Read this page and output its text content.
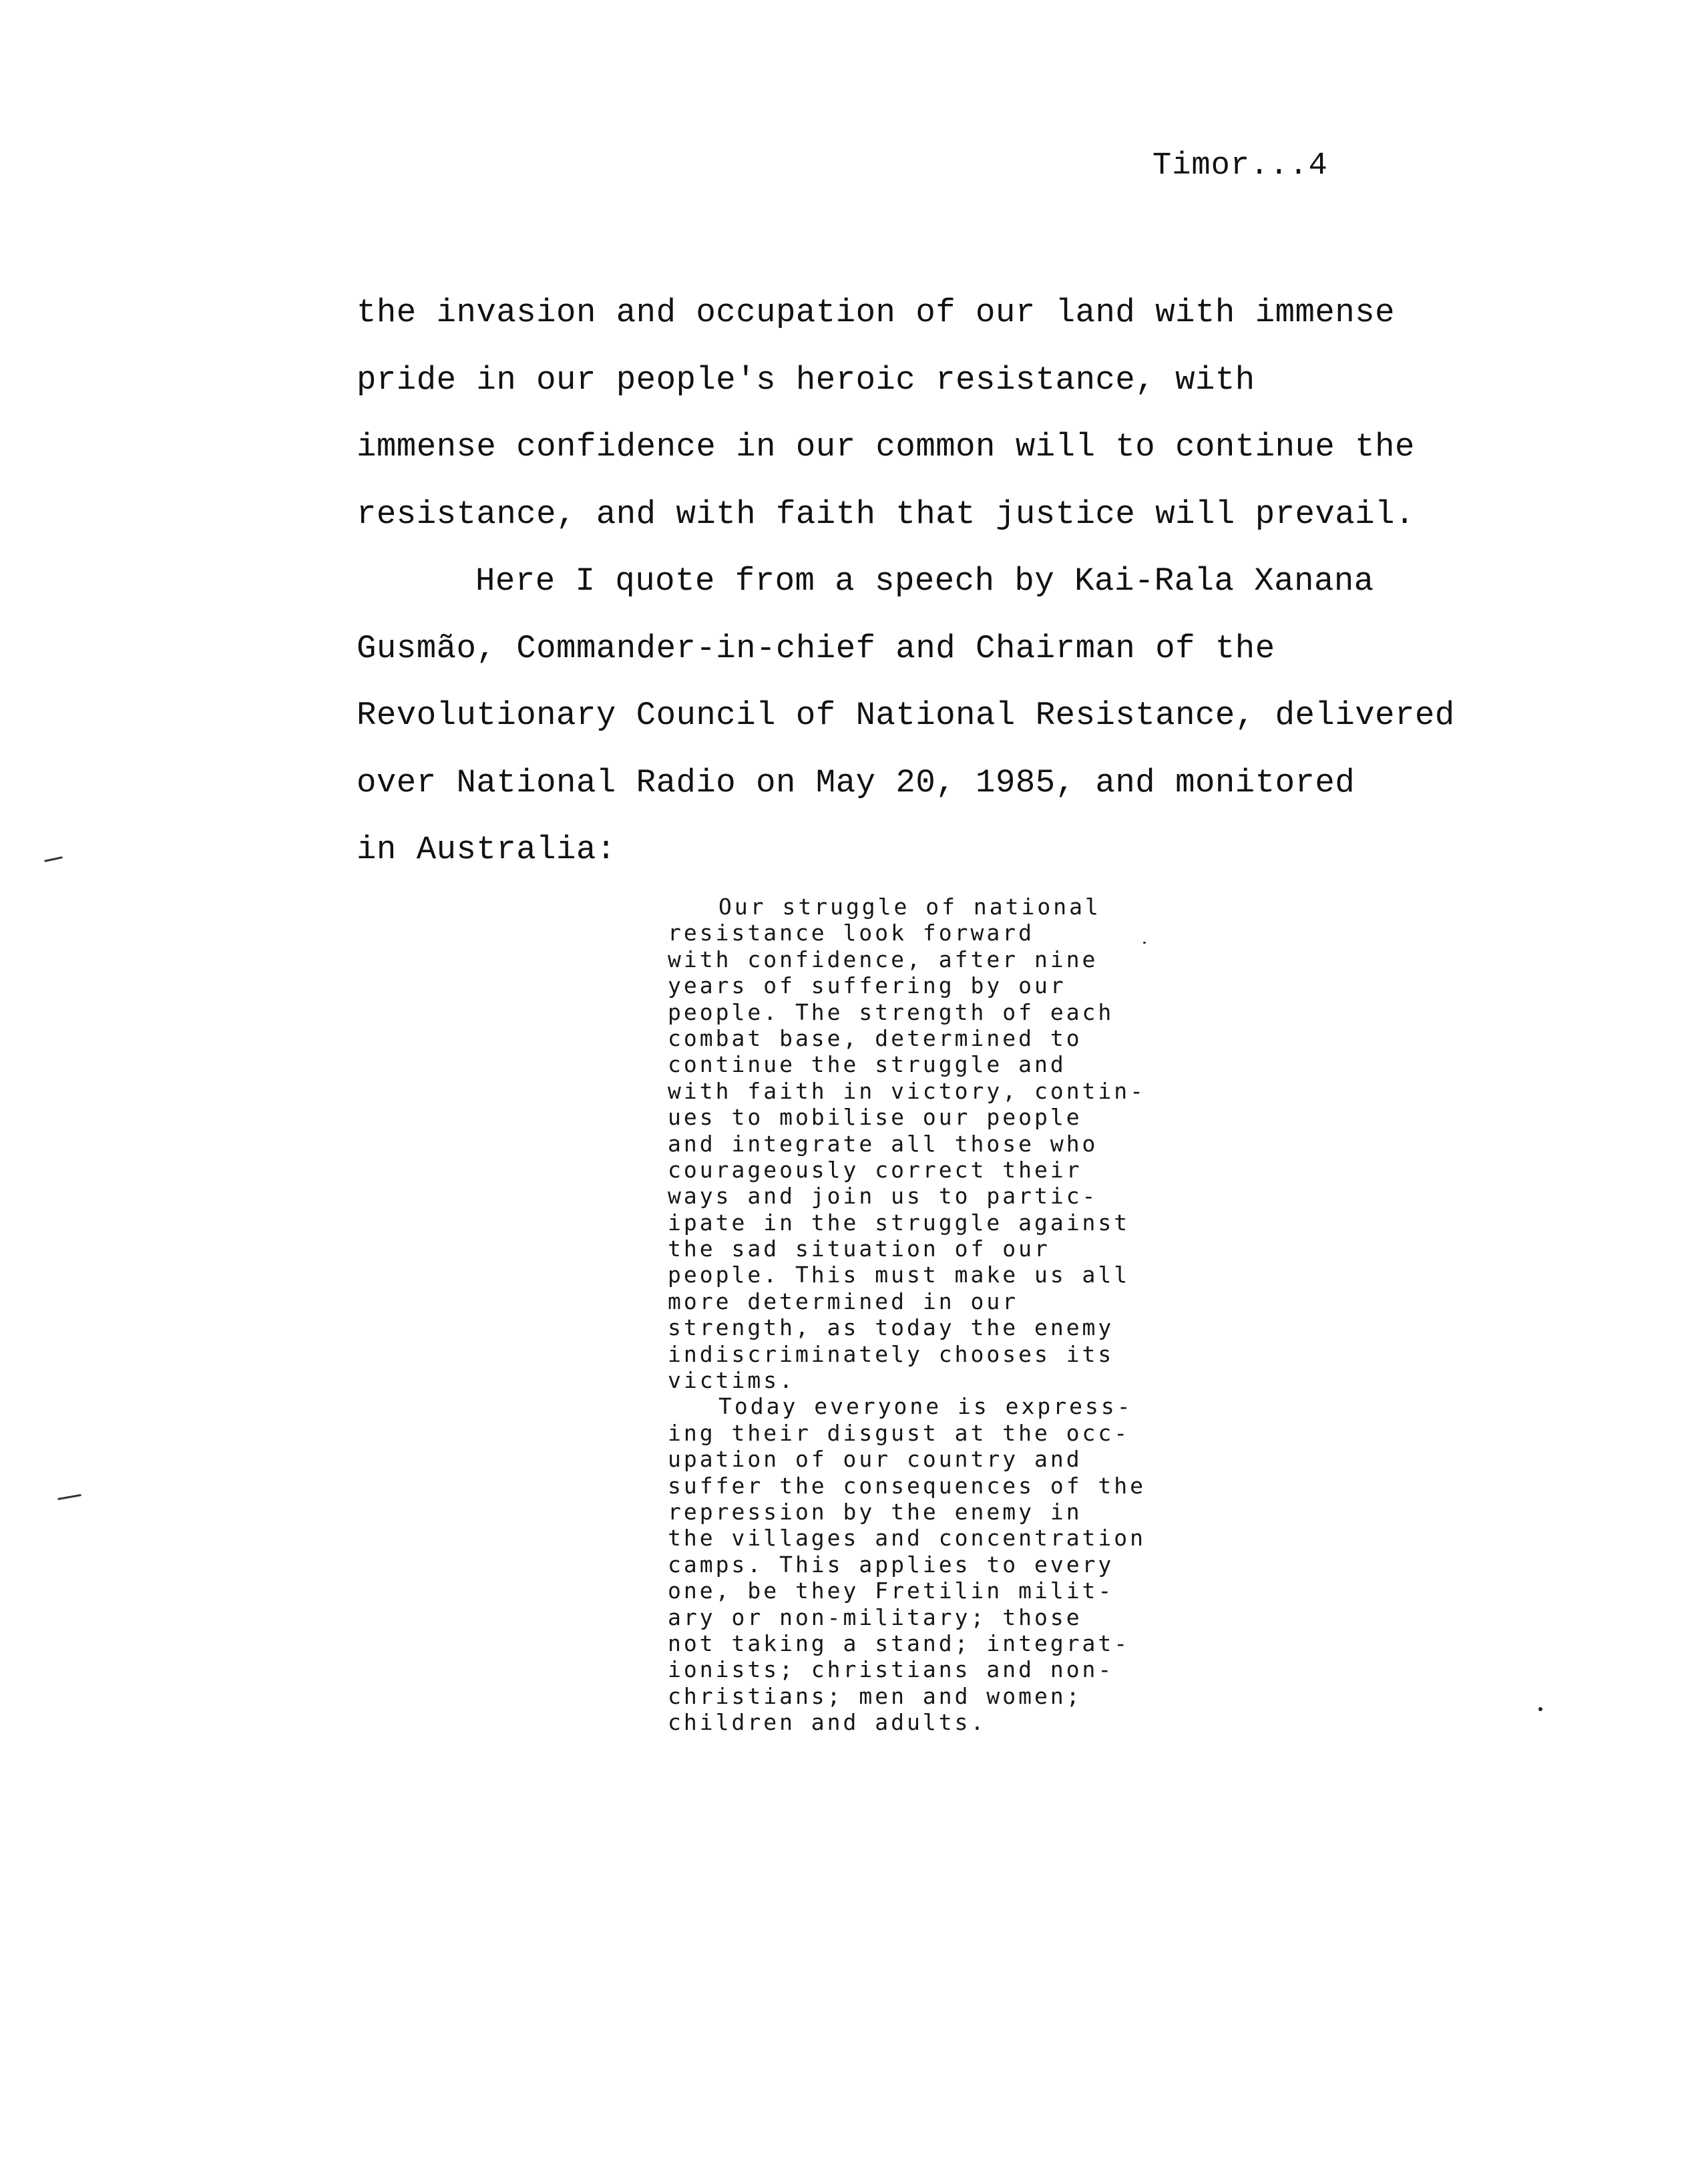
Timor...4
the invasion and occupation of our land with immense
pride in our people's heroic resistance, with
immense confidence in our common will to continue the
resistance, and with faith that justice will prevail.
Here I quote from a speech by Kai-Rala Xanana
Gusmão, Commander-in-chief and Chairman of the
Revolutionary Council of National Resistance, delivered
over National Radio on May 20, 1985, and monitored
in Australia:
Our struggle of national
resistance look forward
with confidence, after nine
years of suffering by our
people. The strength of each
combat base, determined to
continue the struggle and
with faith in victory, contin-
ues to mobilise our people
and integrate all those who
courageously correct their
ways and join us to partic-
ipate in the struggle against
the sad situation of our
people. This must make us all
more determined in our
strength, as today the enemy
indiscriminately chooses its
victims.
Today everyone is express-
ing their disgust at the occ-
upation of our country and
suffer the consequences of the
repression by the enemy in
the villages and concentration
camps. This applies to every
one, be they Fretilin milit-
ary or non-military; those
not taking a stand; integrat-
ionists; christians and non-
christians; men and women;
children and adults.
